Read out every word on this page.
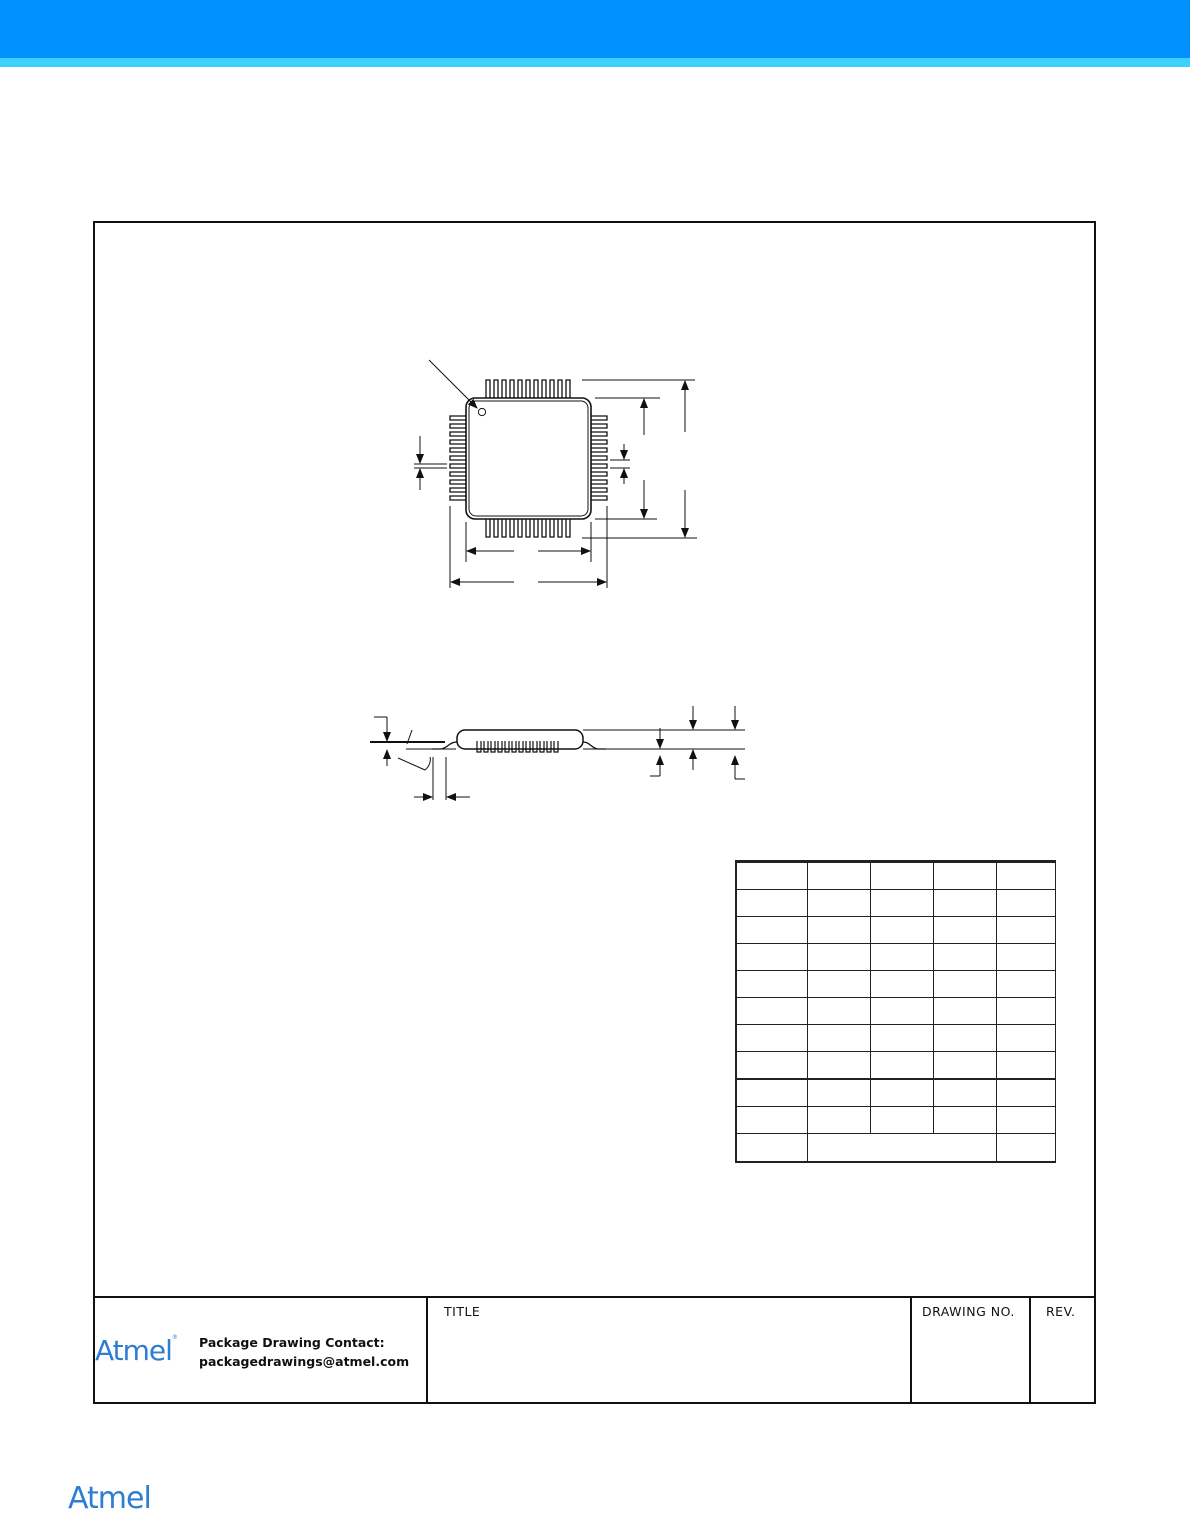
Atmel® Package Drawing Contact:
packagedrawings@atmel.com
TITLE	DRAWING NO. REV.
Atmel
